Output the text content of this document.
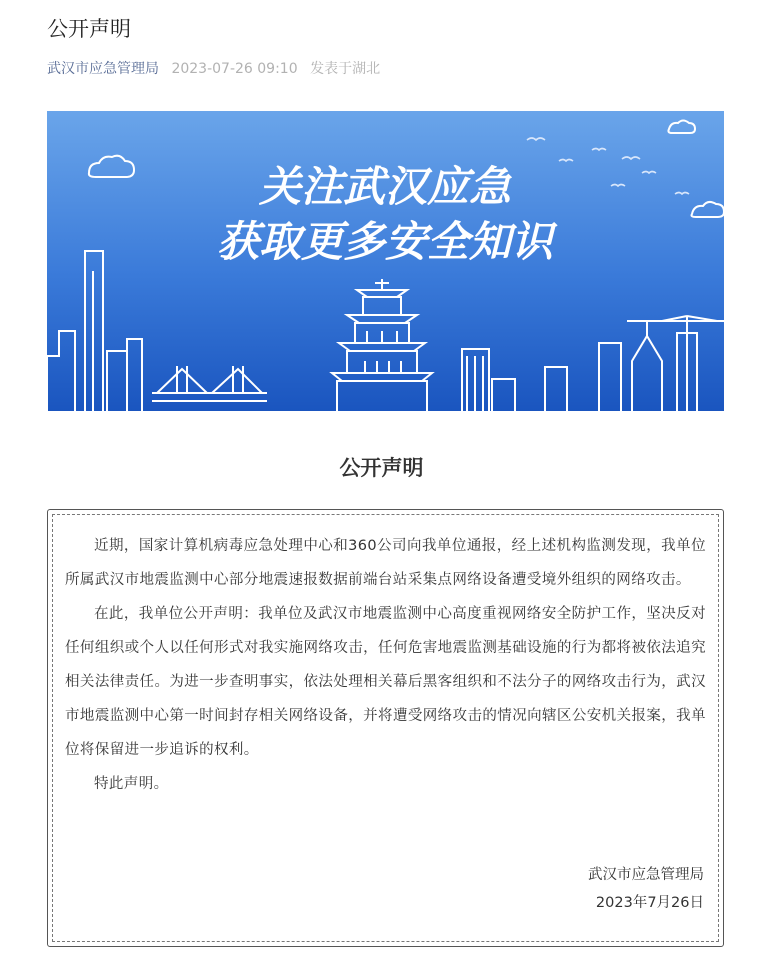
公开声明
武汉市应急管理局 2023-07-26 09:10 发表于湖北
关注武汉应急
获取更多安全知识
公开声明

近期，国家计算机病毒应急处理中心和360公司向我单位通报，经上述机构监测发现，我单位所属武汉市地震监测中心部分地震速报数据前端台站采集点网络设备遭受境外组织的网络攻击。

在此，我单位公开声明：我单位及武汉市地震监测中心高度重视网络安全防护工作，坚决反对任何组织或个人以任何形式对我实施网络攻击，任何危害地震监测基础设施的行为都将被依法追究相关法律责任。为进一步查明事实，依法处理相关幕后黑客组织和不法分子的网络攻击行为，武汉市地震监测中心第一时间封存相关网络设备，并将遭受网络攻击的情况向辖区公安机关报案，我单位将保留进一步追诉的权利。

特此声明。

武汉市应急管理局
2023年7月26日
